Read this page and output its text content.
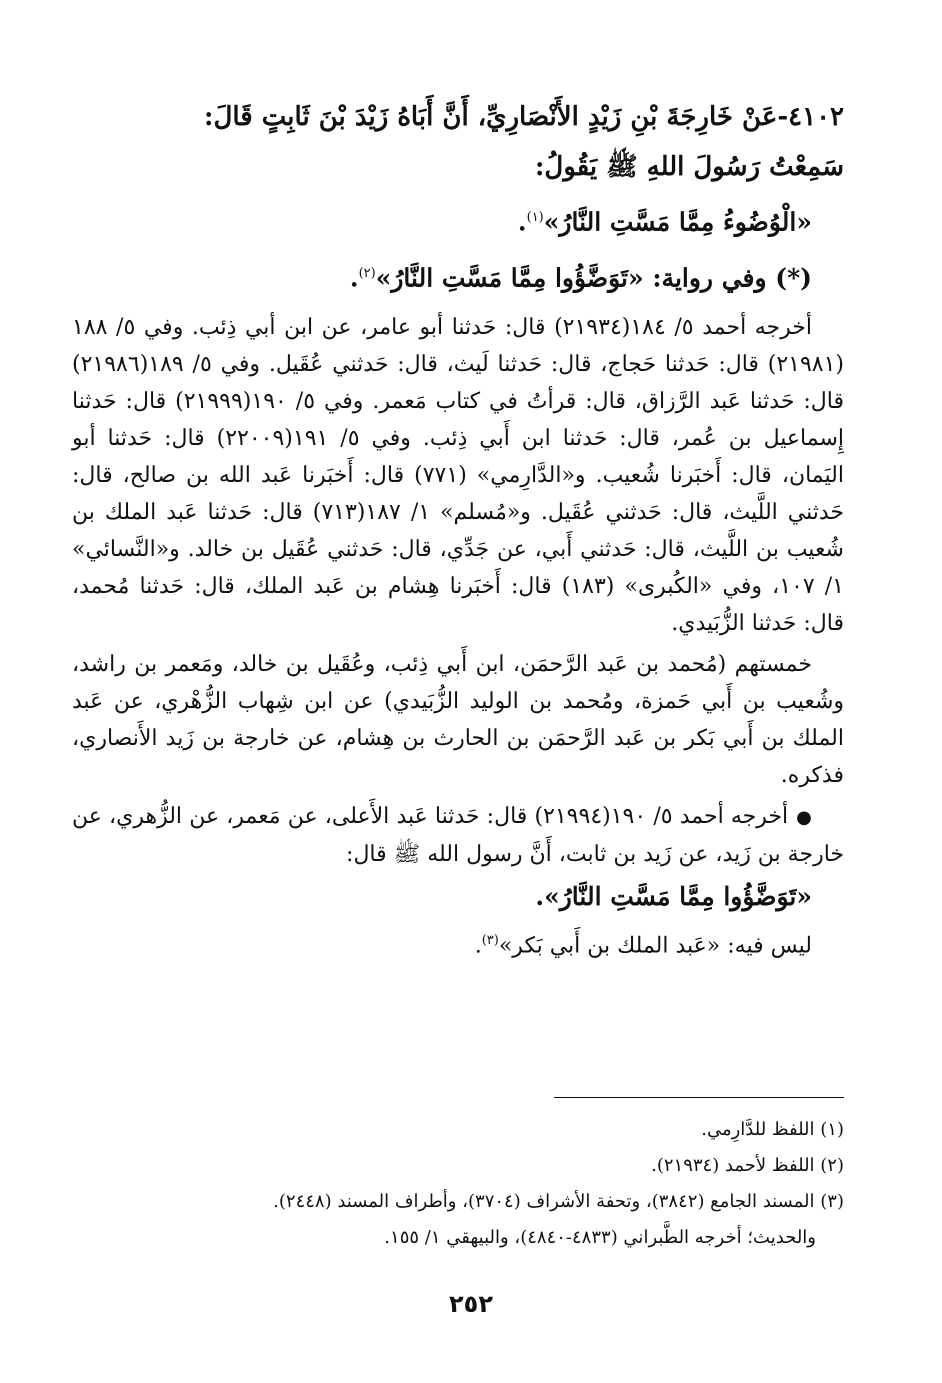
٤١٠٢-عَنْ خَارِجَةَ بْنِ زَيْدٍ الأَنْصَارِيِّ، أَنَّ أَبَاهُ زَيْدَ بْنَ ثَابِتٍ قَالَ:
سَمِعْتُ رَسُولَ اللهِ ﷺ يَقُولُ:

«الْوُضُوءُ مِمَّا مَسَّتِ النَّارُ»$^{(١)}$.

(*) وفي رواية: «تَوَضَّؤُوا مِمَّا مَسَّتِ النَّارُ»$^{(٢)}$.

أخرجه أحمد ٥/ ١٨٤(٢١٩٣٤) قال: حَدثنا أبو عامر، عن ابن أبي ذِئب. وفي ٥/ ١٨٨ (٢١٩٨١) قال: حَدثنا حَجاج، قال: حَدثنا لَيث، قال: حَدثني عُقَيل. وفي ٥/ ١٨٩(٢١٩٨٦) قال: حَدثنا عَبد الرَّزاق، قال: قرأتُ في كتاب مَعمر. وفي ٥/ ١٩٠(٢١٩٩٩) قال: حَدثنا إِسماعيل بن عُمر، قال: حَدثنا ابن أَبي ذِئب. وفي ٥/ ١٩١(٢٢٠٠٩) قال: حَدثنا أبو اليَمان، قال: أَخبَرنا شُعيب. و«الدَّارِمي» (٧٧١) قال: أَخبَرنا عَبد الله بن صالح، قال: حَدثني اللَّيث، قال: حَدثني عُقَيل. و«مُسلم» ١/ ١٨٧(٧١٣) قال: حَدثنا عَبد الملك بن شُعيب بن اللَّيث، قال: حَدثني أَبي، عن جَدِّي، قال: حَدثني عُقَيل بن خالد. و«النَّسائي» ١/ ١٠٧، وفي «الكُبرى» (١٨٣) قال: أَخبَرنا هِشام بن عَبد الملك، قال: حَدثنا مُحمد، قال: حَدثنا الزُّبَيدي.

خمستهم (مُحمد بن عَبد الرَّحمَن، ابن أَبي ذِئب، وعُقَيل بن خالد، ومَعمر بن راشد، وشُعيب بن أَبي حَمزة، ومُحمد بن الوليد الزُّبَيدي) عن ابن شِهاب الزُّهْري، عن عَبد الملك بن أَبي بَكر بن عَبد الرَّحمَن بن الحارث بن هِشام، عن خارجة بن زَيد الأَنصاري، فذكره.

●أخرجه أحمد ٥/ ١٩٠(٢١٩٩٤) قال: حَدثنا عَبد الأَعلى، عن مَعمر، عن الزُّهري، عن خارجة بن زَيد، عن زَيد بن ثابت، أَنَّ رسول الله ﷺ قال:

«تَوَضَّؤُوا مِمَّا مَسَّتِ النَّارُ».

ليس فيه: «عَبد الملك بن أَبي بَكر»$^{(٣)}$.

(١) اللفظ للدَّارِمي.

(٢) اللفظ لأحمد (٢١٩٣٤).

(٣) المسند الجامع (٣٨٤٢)، وتحفة الأشراف (٣٧٠٤)، وأطراف المسند (٢٤٤٨).

والحديث؛ أخرجه الطَّبراني (٤٨٣٣-٤٨٤٠)، والبيهقي ١/ ١٥٥.

٢٥٢
